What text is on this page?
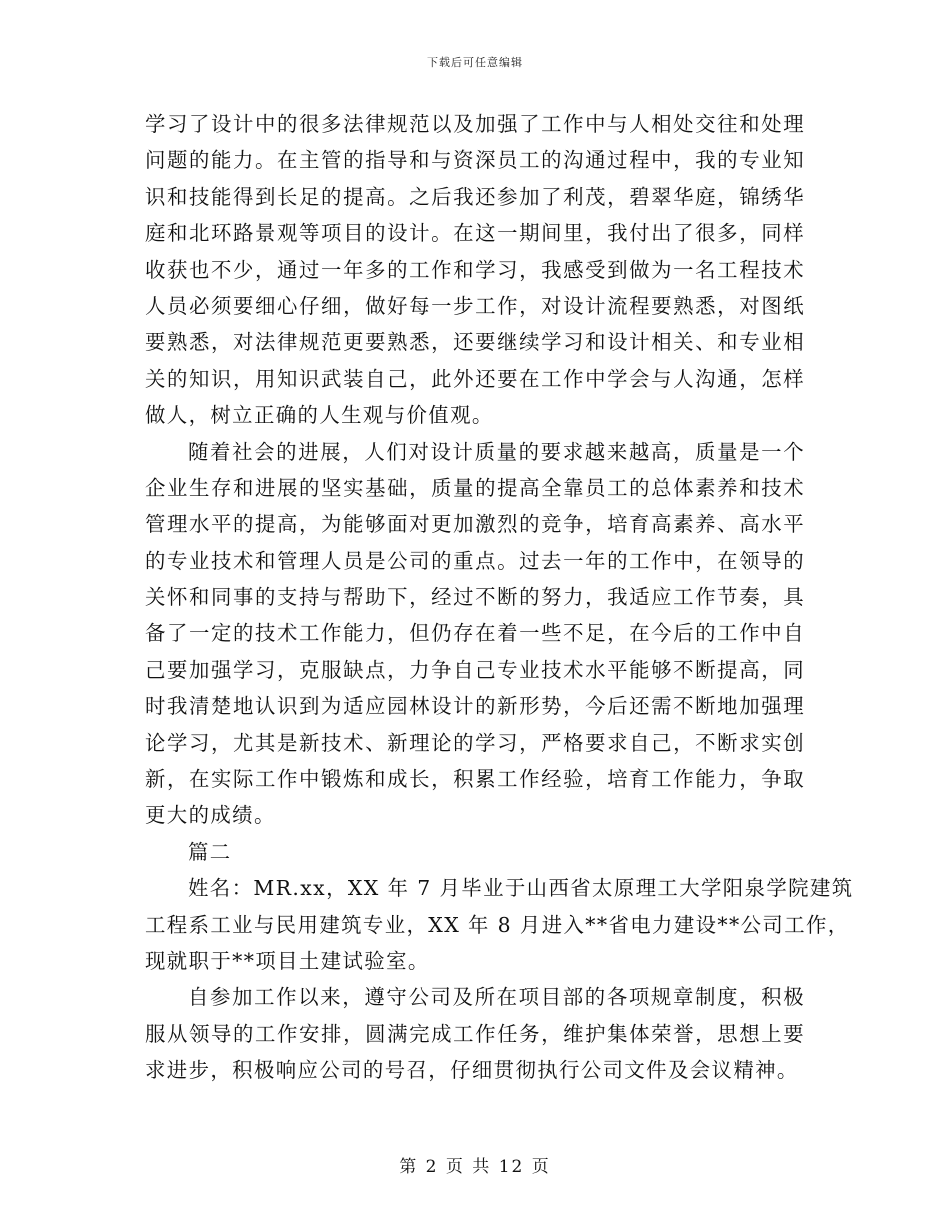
下载后可任意编辑
学习了设计中的很多法律规范以及加强了工作中与人相处交往和处理
问题的能力。在主管的指导和与资深员工的沟通过程中，我的专业知
识和技能得到长足的提高。之后我还参加了利茂，碧翠华庭，锦绣华
庭和北环路景观等项目的设计。在这一期间里，我付出了很多，同样
收获也不少，通过一年多的工作和学习，我感受到做为一名工程技术
人员必须要细心仔细，做好每一步工作，对设计流程要熟悉，对图纸
要熟悉，对法律规范更要熟悉，还要继续学习和设计相关、和专业相
关的知识，用知识武装自己，此外还要在工作中学会与人沟通，怎样
做人，树立正确的人生观与价值观。
随着社会的进展，人们对设计质量的要求越来越高，质量是一个
企业生存和进展的坚实基础，质量的提高全靠员工的总体素养和技术
管理水平的提高，为能够面对更加激烈的竞争，培育高素养、高水平
的专业技术和管理人员是公司的重点。过去一年的工作中，在领导的
关怀和同事的支持与帮助下，经过不断的努力，我适应工作节奏，具
备了一定的技术工作能力，但仍存在着一些不足，在今后的工作中自
己要加强学习，克服缺点，力争自己专业技术水平能够不断提高，同
时我清楚地认识到为适应园林设计的新形势，今后还需不断地加强理
论学习，尤其是新技术、新理论的学习，严格要求自己，不断求实创
新，在实际工作中锻炼和成长，积累工作经验，培育工作能力，争取
更大的成绩。
篇二
姓名：MR.xx，XX 年 7 月毕业于山西省太原理工大学阳泉学院建筑
工程系工业与民用建筑专业，XX 年 8 月进入**省电力建设**公司工作，
现就职于**项目土建试验室。
自参加工作以来，遵守公司及所在项目部的各项规章制度，积极
服从领导的工作安排，圆满完成工作任务，维护集体荣誉，思想上要
求进步，积极响应公司的号召，仔细贯彻执行公司文件及会议精神。
第 2 页 共 12 页
